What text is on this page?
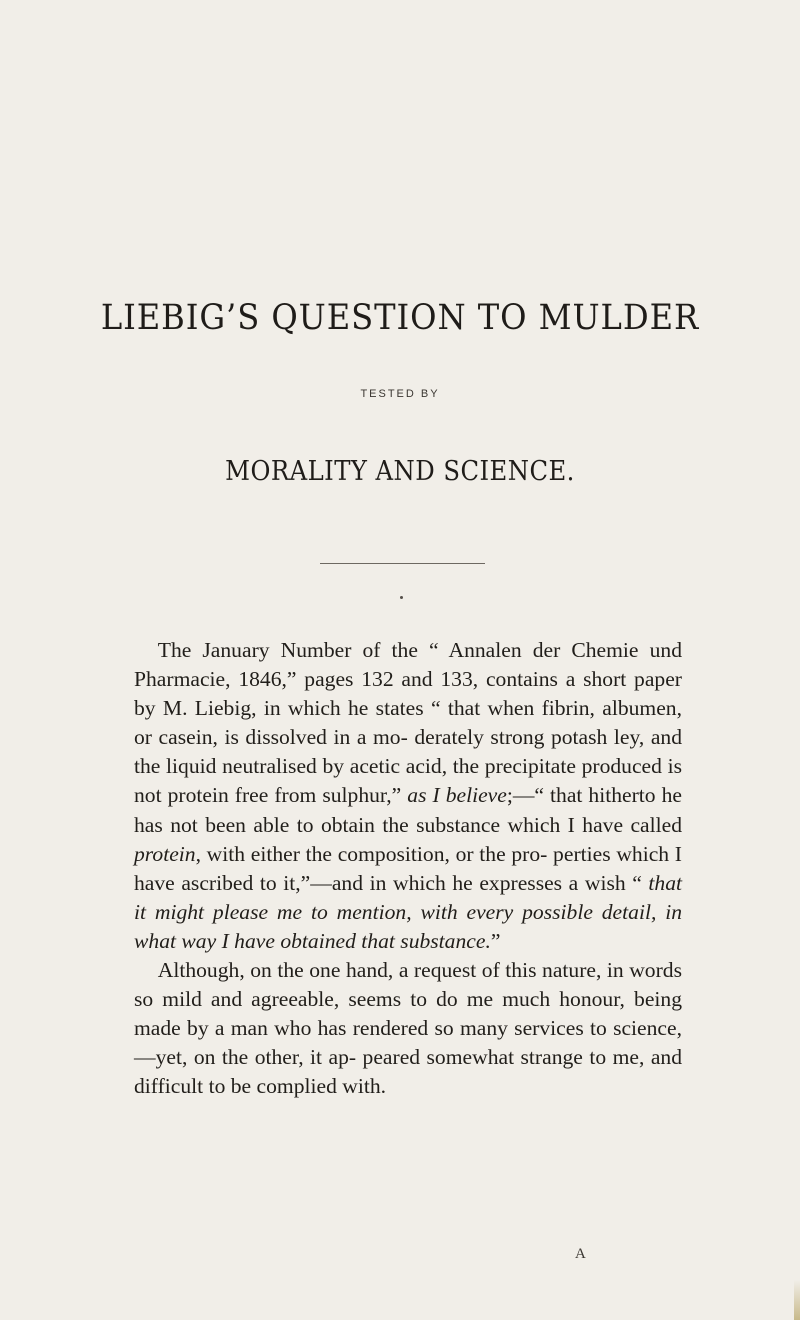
LIEBIG’S QUESTION TO MULDER
TESTED BY
MORALITY AND SCIENCE.

The January Number of the “ Annalen der Chemie und Pharmacie, 1846,” pages 132 and 133, contains a short paper by M. Liebig, in which he states “ that when fibrin, albumen, or casein, is dissolved in a mo- derately strong potash ley, and the liquid neutralised by acetic acid, the precipitate produced is not protein free from sulphur,” as I believe;—“ that hitherto he has not been able to obtain the substance which I have called protein, with either the composition, or the pro- perties which I have ascribed to it,”—and in which he expresses a wish “ that it might please me to mention, with every possible detail, in what way I have obtained that substance.”

Although, on the one hand, a request of this nature, in words so mild and agreeable, seems to do me much honour, being made by a man who has rendered so many services to science,—yet, on the other, it ap- peared somewhat strange to me, and difficult to be complied with.

A
